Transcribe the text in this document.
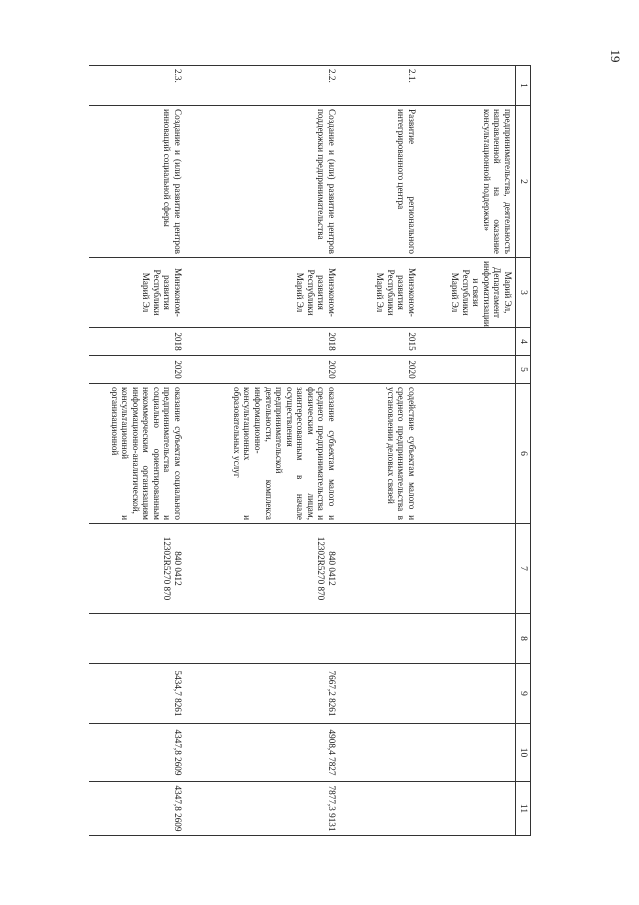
19
1	2	3	4	5	6	7	8	9	10	11
	предпринимательства, деятельность направленной на оказание консультационной поддержки»	Марий Эл, Департамент информатизации и связи Республики Марий Эл								
2.1.	Развитие регионального интегрированного центра	Минэконом-развития Республики Марий Эл	2015	2020	содействие субъектам малого и среднего предпринимательства в установлении деловых связей					
2.2.	Создание и (или) развитие центров поддержки предпринимательства	Минэконом-развития Республики Марий Эл	2018	2020	оказание субъектам малого и среднего предпринимательства и физическим лицам, заинтересованным в начале осуществления предпринимательской деятельности, комплекса информационно-консультационных и образовательных услуг	840 0412 12302R5270 870		7667,2 8261	4908,4 7827	7877,3 9131
2.3.	Создание и (или) развитие центров инноваций социальной сферы	Минэконом-развития Республики Марий Эл	2018	2020	оказание субъектам социального предпринимательства и социально ориентированным некоммерческим организациям информационно-аналитической, консультационной и организационной	840 0412 12302R5270 870		5434,7 8261	4347,8 2609	4347,8 2609
